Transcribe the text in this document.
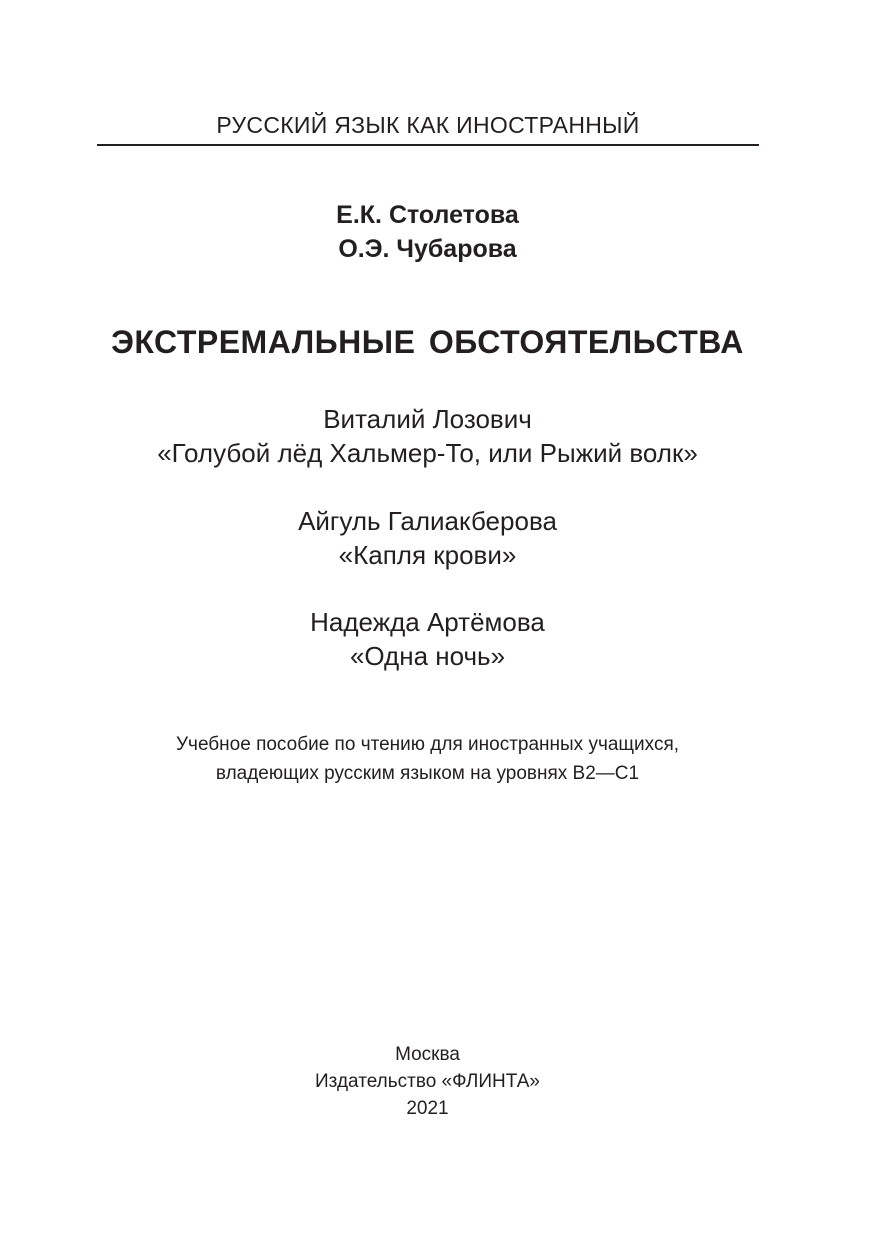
РУССКИЙ ЯЗЫК КАК ИНОСТРАННЫЙ
Е.К. Столетова
О.Э. Чубарова
ЭКСТРЕМАЛЬНЫЕ ОБСТОЯТЕЛЬСТВА
Виталий Лозович
«Голубой лёд Хальмер-То, или Рыжий волк»
Айгуль Галиакберова
«Капля крови»
Надежда Артёмова
«Одна ночь»
Учебное пособие по чтению для иностранных учащихся,
владеющих русским языком на уровнях В2—С1
Москва
Издательство «ФЛИНТА»
2021
